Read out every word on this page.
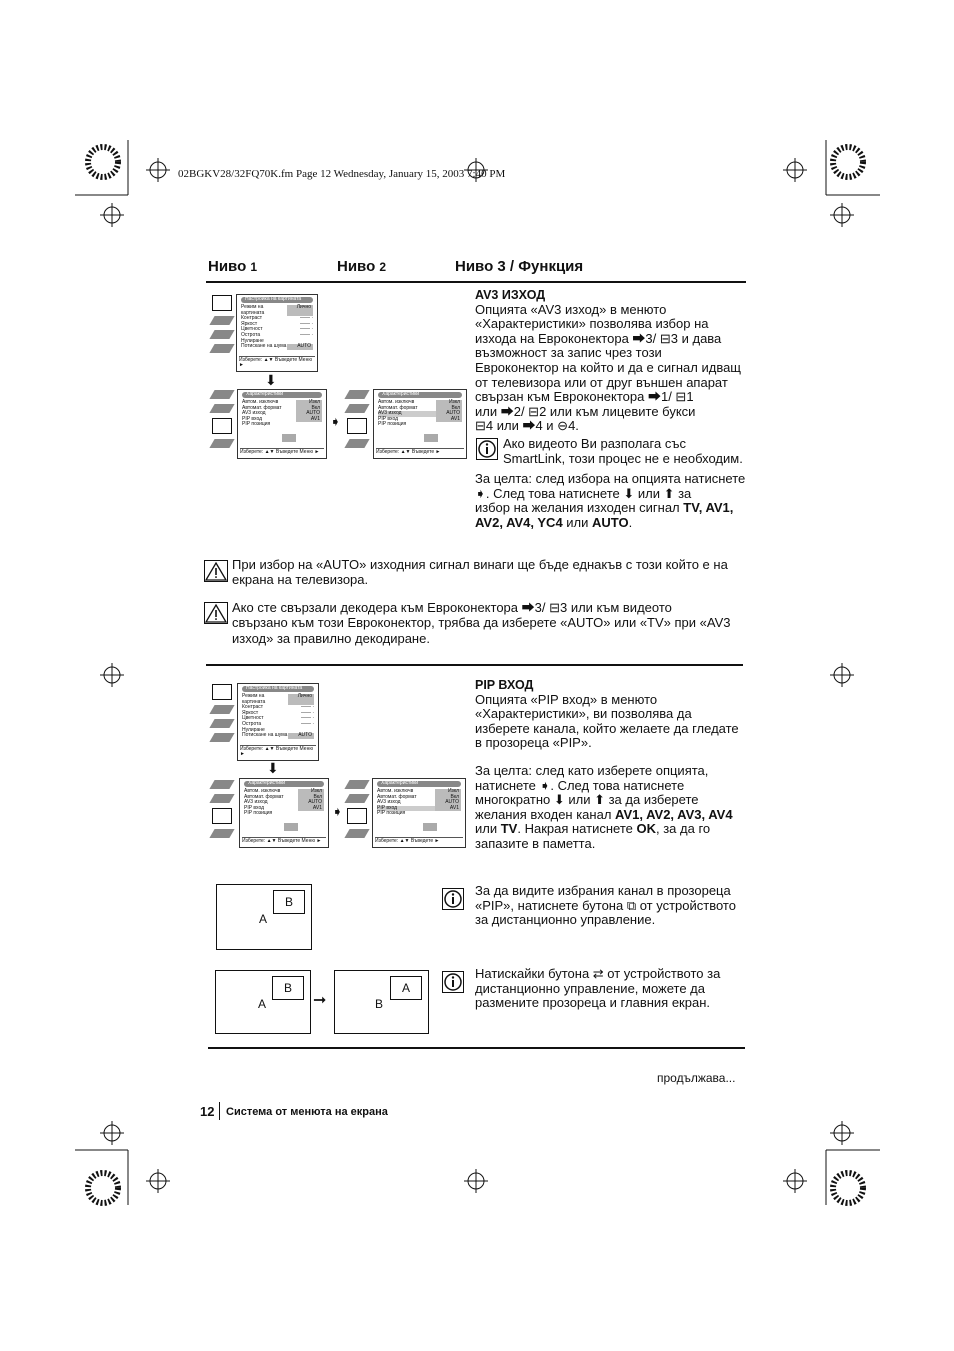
02BGKV28/32FQ70K.fm Page 12 Wednesday, January 15, 2003 7:40 PM
Ниво 1	Ниво 2	Ниво 3 / Функция
Настройка на картината
Режим на картината
Лично
Контраст	—— ·
Яркост	—— ·
Цветност	—— ·
Острота	—— ·
Нулиране
Потискане на шума	AUTO
Изберете: ▲▼ Въведете Меню ►
⬇
Характеристики
Автом. изключв	Изкл
Автомат. формат	Вкл
AV3 изход	AUTO
PIP вход	AV1
PIP позиция
Изберете: ▲▼ Въведете Меню ►
➧
Характеристики
Автом. изключв	Изкл
Автомат. формат	Вкл
AV3 изход	AUTO
PIP вход	AV1
PIP позиция
Изберете: ▲▼ Въведете ►
AV3 ИЗХОД
Опцията «AV3 изход» в менюто
«Характеристики» позволява избор на
изхода на Евроконектора ⮕3/ ⊟3 и дава
възможност за запис чрез този
Евроконектор на който и да е сигнал идващ
от телевизора или от друг външен апарат
свързан към Евроконектора ⮕1/ ⊟1
или ⮕2/ ⊟2 или към лицевите букси
⊟4 или ⮕4 и ⊖4.
Ако видеото Ви разполага със
SmartLink, този процес не е необходим.
За целта: след избора на опцията натиснете
➧. След това натиснете ⬇ или ⬆ за
избор на желания изходен сигнал TV, AV1,
AV2, AV4, YC4 или AUTO.
При избор на «AUTO» изходния сигнал винаги ще бъде еднакъв с този който е на
екрана на телевизора.
Ако сте свързали декодера към Евроконектора ⮕3/ ⊟3 или към видеото
свързано към този Евроконектор, трябва да изберете «AUTO» или «TV» при «AV3
изход» за правилно декодиране.
Настройка на картината
Режим на картината
Лично
Контраст	—— ·
Яркост	—— ·
Цветност	—— ·
Острота	—— ·
Нулиране
Потискане на шума	AUTO
Изберете: ▲▼ Въведете Меню ►
⬇
Характеристики
Автом. изключв	Изкл
Автомат. формат	Вкл
AV3 изход	AUTO
PIP вход	AV1
PIP позиция
Изберете: ▲▼ Въведете Меню ►
➧
Характеристики
Автом. изключв	Изкл
Автомат. формат	Вкл
AV3 изход	AUTO
PIP вход	AV1
PIP позиция
Изберете: ▲▼ Въведете ►
PIP ВХОД
Опцията «PIP вход» в менюто
«Характеристики», ви позволява да
изберете канала, който желаете да гледате
в прозореца «PIP».
За целта: след като изберете опцията,
натиснете ➧. След това натиснете
многократно ⬇ или ⬆ за да изберете
желания входен канал AV1, AV2, AV3, AV4
или TV. Накрая натиснете OK, за да го
запазите в паметта.
B
A
За да видите избрания канал в прозореца
«PIP», натиснете бутона ⧉ от устройството
за дистанционно управление.
B
A	➞
A
B
Натискайки бутона ⇄ от устройството за
дистанционно управление, можете да
размените прозореца и главния екран.
продължава...
12 Система от менюта на екрана
